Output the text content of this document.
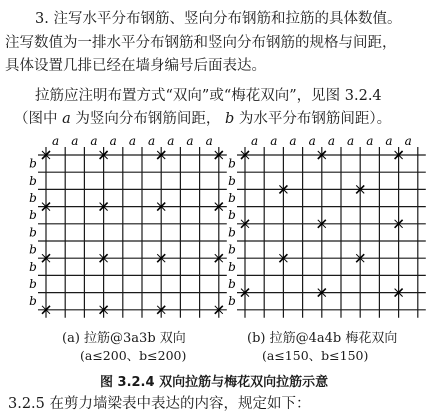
3. 注写水平分布钢筋、竖向分布钢筋和拉筋的具体数值。
注写数值为一排水平分布钢筋和竖向分布钢筋的规格与间距，
具体设置几排已经在墙身编号后面表达。
拉筋应注明布置方式“双向”或“梅花双向”，见图 3.2.4
（图中 a 为竖向分布钢筋间距， b 为水平分布钢筋间距）。
a a a a a a a a a
b
b
b
b
b
b
b
b
b
a a a a a a a a a
b
b
b
b
b
b
b
b
b
(a) 拉筋@3a3b 双向	(b) 拉筋@4a4b 梅花双向
(a≤200、b≤200)	(a≤150、b≤150)
图 3.2.4 双向拉筋与梅花双向拉筋示意
3.2.5 在剪力墙梁表中表达的内容，规定如下：
